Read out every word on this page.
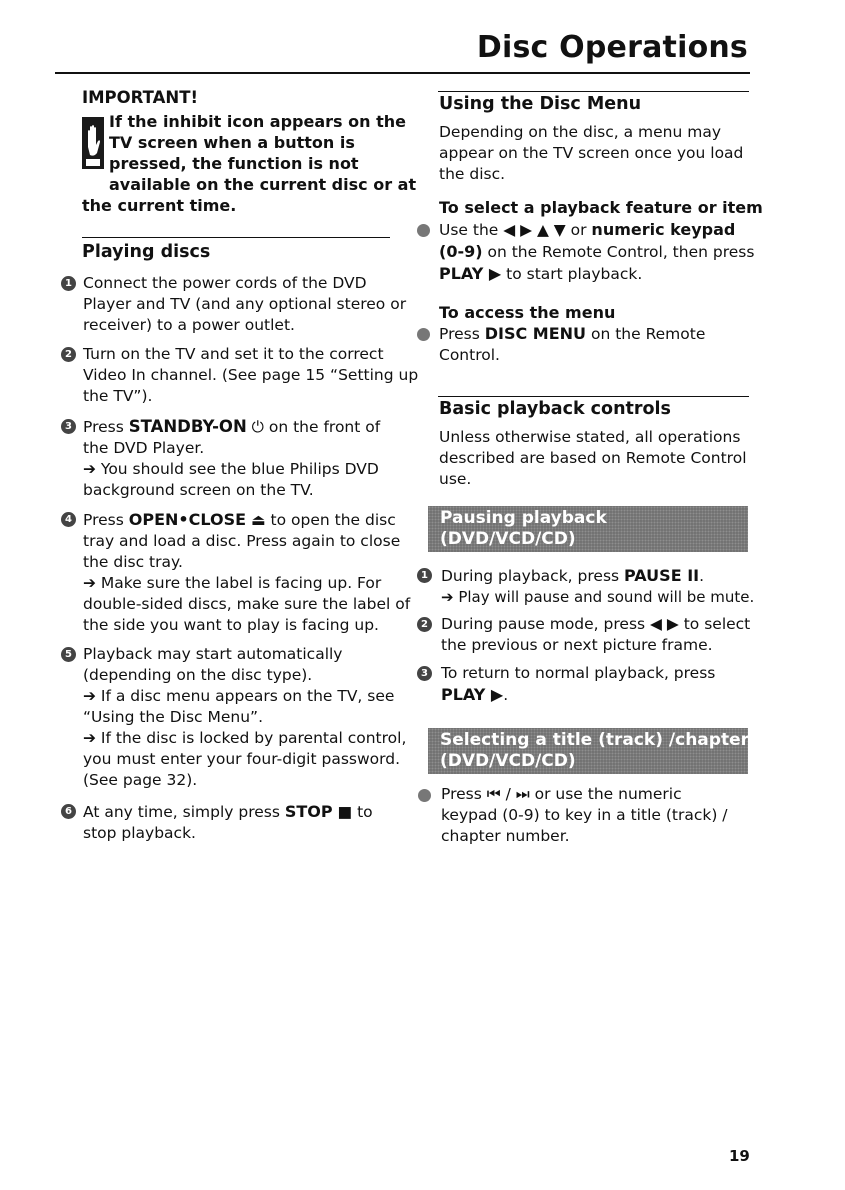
Disc Operations
IMPORTANT!
If the inhibit icon appears on the
TV screen when a button is
pressed, the function is not
available on the current disc or at
the current time.
Playing discs
1 Connect the power cords of the DVD
Player and TV (and any optional stereo or
receiver) to a power outlet.
2 Turn on the TV and set it to the correct
Video In channel. (See page 15 “Setting up
the TV”).
3 Press STANDBY-ON ⏻ on the front of
the DVD Player.
➔ You should see the blue Philips DVD
background screen on the TV.
4 Press OPEN•CLOSE ⏏ to open the disc
tray and load a disc. Press again to close
the disc tray.
➔ Make sure the label is facing up. For
double-sided discs, make sure the label of
the side you want to play is facing up.
5 Playback may start automatically
(depending on the disc type).
➔ If a disc menu appears on the TV, see
“Using the Disc Menu”.
➔ If the disc is locked by parental control,
you must enter your four-digit password.
(See page 32).
6 At any time, simply press STOP ■ to
stop playback.
Using the Disc Menu
Depending on the disc, a menu may
appear on the TV screen once you load
the disc.
To select a playback feature or item
Use the ◀ ▶ ▲ ▼ or numeric keypad
(0-9) on the Remote Control, then press
PLAY ▶ to start playback.
To access the menu
Press DISC MENU on the Remote
Control.
Basic playback controls
Unless otherwise stated, all operations
described are based on Remote Control
use.
Pausing playback
(DVD/VCD/CD)
1 During playback, press PAUSE II.
➔ Play will pause and sound will be mute.
2 During pause mode, press ◀ ▶ to select
the previous or next picture frame.
3 To return to normal playback, press
PLAY ▶.
Selecting a title (track) /chapter
(DVD/VCD/CD)
Press ⏮ / ⏭ or use the numeric
keypad (0-9) to key in a title (track) /
chapter number.
19
